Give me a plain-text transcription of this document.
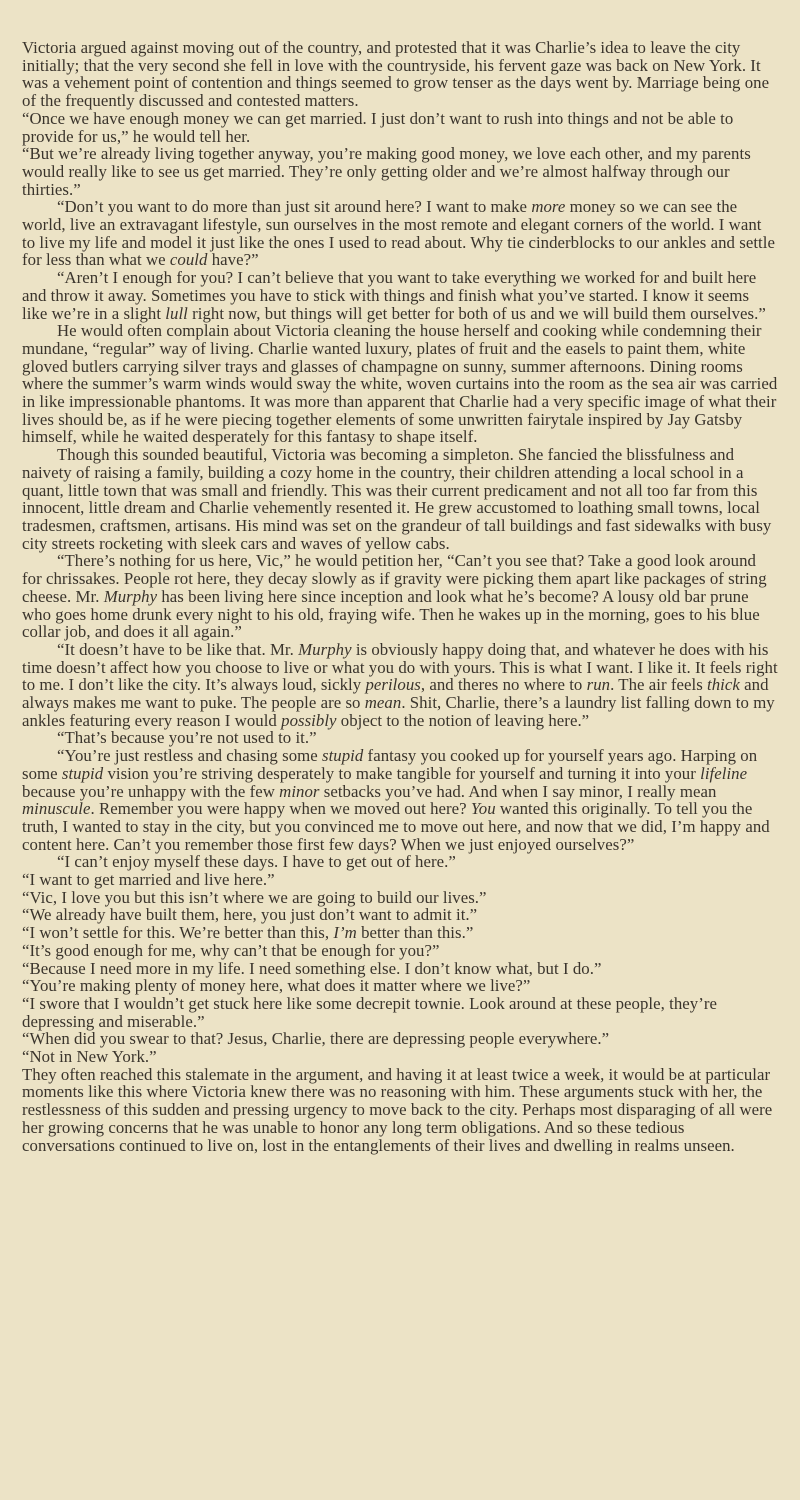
Victoria argued against moving out of the country, and protested that it was Charlie’s idea to leave the city initially; that the very second she fell in love with the countryside, his fervent gaze was back on New York. It was a vehement point of contention and things seemed to grow tenser as the days went by. Marriage being one of the frequently discussed and contested matters.

“Once we have enough money we can get married. I just don’t want to rush into things and not be able to provide for us,” he would tell her.

“But we’re already living together anyway, you’re making good money, we love each other, and my parents would really like to see us get married. They’re only getting older and we’re almost halfway through our thirties.”

“Don’t you want to do more than just sit around here? I want to make more money so we can see the world, live an extravagant lifestyle, sun ourselves in the most remote and elegant corners of the world. I want to live my life and model it just like the ones I used to read about. Why tie cinderblocks to our ankles and settle for less than what we could have?”

“Aren’t I enough for you? I can’t believe that you want to take everything we worked for and built here and throw it away. Sometimes you have to stick with things and finish what you’ve started. I know it seems like we’re in a slight lull right now, but things will get better for both of us and we will build them ourselves.”

He would often complain about Victoria cleaning the house herself and cooking while condemning their mundane, “regular” way of living. Charlie wanted luxury, plates of fruit and the easels to paint them, white gloved butlers carrying silver trays and glasses of champagne on sunny, summer afternoons. Dining rooms where the summer’s warm winds would sway the white, woven curtains into the room as the sea air was carried in like impressionable phantoms. It was more than apparent that Charlie had a very specific image of what their lives should be, as if he were piecing together elements of some unwritten fairytale inspired by Jay Gatsby himself, while he waited desperately for this fantasy to shape itself.

Though this sounded beautiful, Victoria was becoming a simpleton. She fancied the blissfulness and naivety of raising a family, building a cozy home in the country, their children attending a local school in a quant, little town that was small and friendly. This was their current predicament and not all too far from this innocent, little dream and Charlie vehemently resented it. He grew accustomed to loathing small towns, local tradesmen, craftsmen, artisans. His mind was set on the grandeur of tall buildings and fast sidewalks with busy city streets rocketing with sleek cars and waves of yellow cabs.

“There’s nothing for us here, Vic,” he would petition her, “Can’t you see that? Take a good look around for chrissakes. People rot here, they decay slowly as if gravity were picking them apart like packages of string cheese. Mr. Murphy has been living here since inception and look what he’s become? A lousy old bar prune who goes home drunk every night to his old, fraying wife. Then he wakes up in the morning, goes to his blue collar job, and does it all again.”

“It doesn’t have to be like that. Mr. Murphy is obviously happy doing that, and whatever he does with his time doesn’t affect how you choose to live or what you do with yours. This is what I want. I like it. It feels right to me. I don’t like the city. It’s always loud, sickly perilous, and theres no where to run. The air feels thick and always makes me want to puke. The people are so mean. Shit, Charlie, there’s a laundry list falling down to my ankles featuring every reason I would possibly object to the notion of leaving here.”

“That’s because you’re not used to it.”

“You’re just restless and chasing some stupid fantasy you cooked up for yourself years ago. Harping on some stupid vision you’re striving desperately to make tangible for yourself and turning it into your lifeline because you’re unhappy with the few minor setbacks you’ve had. And when I say minor, I really mean minuscule. Remember you were happy when we moved out here? You wanted this originally. To tell you the truth, I wanted to stay in the city, but you convinced me to move out here, and now that we did, I’m happy and content here. Can’t you remember those first few days? When we just enjoyed ourselves?”

“I can’t enjoy myself these days. I have to get out of here.”

“I want to get married and live here.”

“Vic, I love you but this isn’t where we are going to build our lives.”

“We already have built them, here, you just don’t want to admit it.”

“I won’t settle for this. We’re better than this, I’m better than this.”

“It’s good enough for me, why can’t that be enough for you?”

“Because I need more in my life. I need something else. I don’t know what, but I do.”

“You’re making plenty of money here, what does it matter where we live?”

“I swore that I wouldn’t get stuck here like some decrepit townie. Look around at these people, they’re depressing and miserable.”

“When did you swear to that? Jesus, Charlie, there are depressing people everywhere.”

“Not in New York.”

They often reached this stalemate in the argument, and having it at least twice a week, it would be at particular moments like this where Victoria knew there was no reasoning with him. These arguments stuck with her, the restlessness of this sudden and pressing urgency to move back to the city. Perhaps most disparaging of all were her growing concerns that he was unable to honor any long term obligations. And so these tedious conversations continued to live on, lost in the entanglements of their lives and dwelling in realms unseen.
